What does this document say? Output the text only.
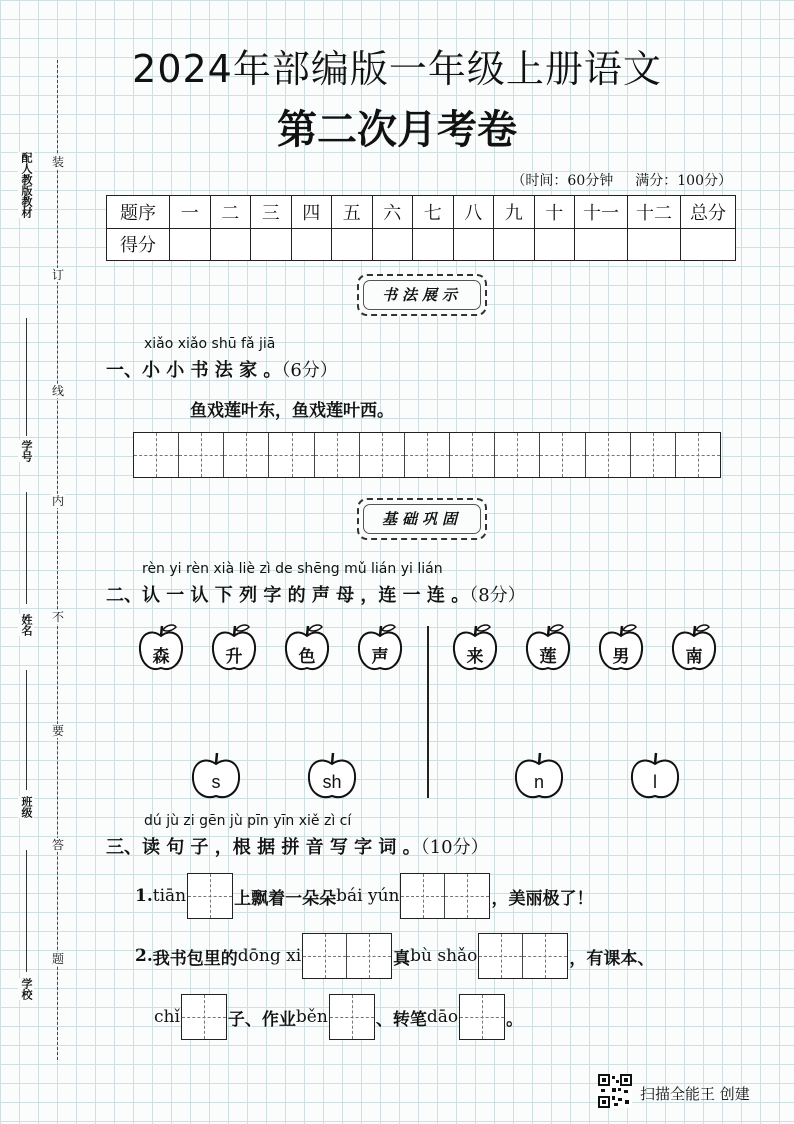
装
订
线
内
不
要
答
题
配人教版教材
学号
姓名
班级
学校
2024年部编版一年级上册语文
第二次月考卷
（时间：60分钟 满分：100分）
题序	一	二	三	四	五	六	七	八	九	十	十一	十二	总分
得分													
书法展示
xiǎo xiǎo shū fǎ jiā
一、小 小 书 法 家 。（6分）
鱼戏莲叶东，鱼戏莲叶西。
基础巩固
rèn yi rèn xià liè zì de shēng mǔ lián yi lián
二、认 一 认 下 列 字 的 声 母 ，连 一 连 。（8分）
森	升	色	声	来	莲	男	南
s	sh	n	l
dú jù zi gēn jù pīn yīn xiě zì cí
三、读 句 子 ，根 据 拼 音 写 字 词 。（10分）
1. tiān	上飘着一朵朵 bái yún	，美丽极了！
2. 我书包里的 dōng xi	真 bù shǎo	，有课本、
chǐ	子、作业 běn	、转笔 dāo	。
扫描全能王 创建
